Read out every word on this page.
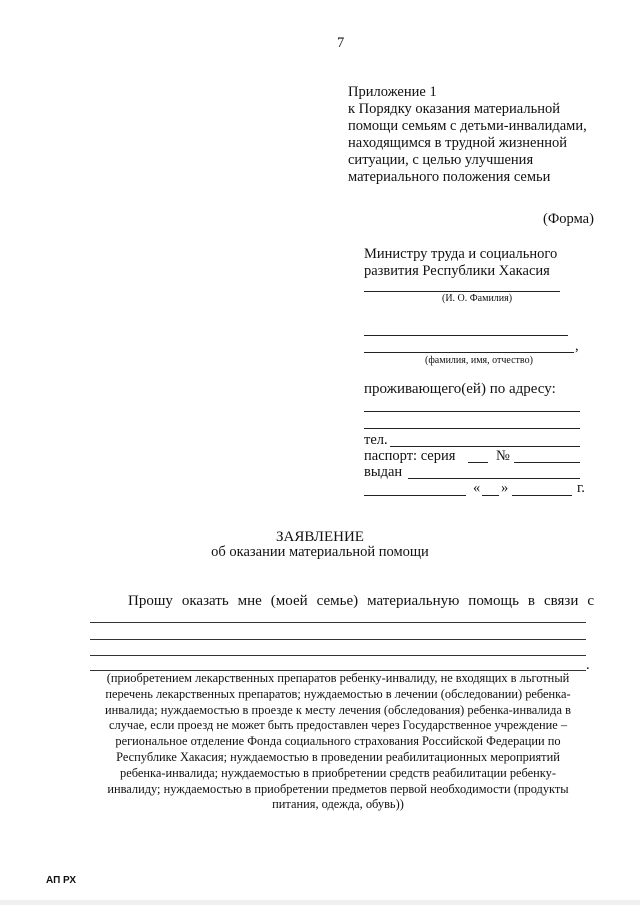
7
Приложение 1
к Порядку оказания материальной
помощи семьям с детьми-инвалидами,
находящимся в трудной жизненной
ситуации, с целью улучшения
материального положения семьи
(Форма)
Министру труда и социального
развития Республики Хакасия
(И. О. Фамилия)
,
(фамилия, имя, отчество)
проживающего(ей) по адресу:
тел.
паспорт: серия	№
выдан
« »	г.
ЗАЯВЛЕНИЕ
об оказании материальной помощи
Прошу оказать мне (моей семье) материальную помощь в связи с
.
(приобретением лекарственных препаратов ребенку-инвалиду, не входящих в льготный
перечень лекарственных препаратов; нуждаемостью в лечении (обследовании) ребенка-
инвалида; нуждаемостью в проезде к месту лечения (обследования) ребенка-инвалида в
случае, если проезд не может быть предоставлен через Государственное учреждение –
региональное отделение Фонда социального страхования Российской Федерации по
Республике Хакасия; нуждаемостью в проведении реабилитационных мероприятий
ребенка-инвалида; нуждаемостью в приобретении средств реабилитации ребенку-
инвалиду; нуждаемостью в приобретении предметов первой необходимости (продукты
питания, одежда, обувь))
АП РХ
